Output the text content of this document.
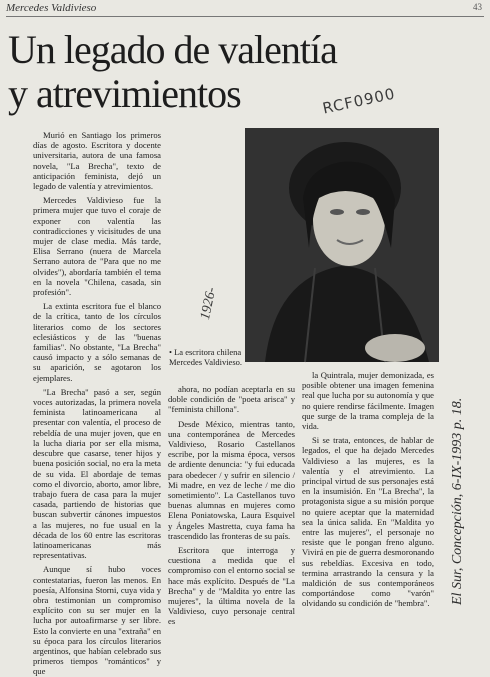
Mercedes Valdivieso	43
Un legado de valentía
y atrevimientos	RCF0900
1926-
• La escritora chilena Mercedes Valdivieso.
El Sur, Concepción, 6-IX-1993 p. 18.

Murió en Santiago los primeros días de agosto. Escritora y docente universitaria, autora de una famosa novela, "La Brecha", texto de anticipación feminista, dejó un legado de valentía y atrevimientos.

Mercedes Valdivieso fue la primera mujer que tuvo el coraje de exponer con valentía las contradicciones y vicisitudes de una mujer de clase media. Más tarde, Elisa Serrano (nuera de Marcela Serrano autora de "Para que no me olvides"), abordaría también el tema en la novela "Chilena, casada, sin profesión".

La extinta escritora fue el blanco de la crítica, tanto de los círculos literarios como de los sectores eclesiásticos y de las "buenas familias". No obstante, "La Brecha" causó impacto y a sólo semanas de su aparición, se agotaron los ejemplares.

"La Brecha" pasó a ser, según voces autorizadas, la primera novela feminista latinoamericana al presentar con valentía, el proceso de rebeldía de una mujer joven, que en la lucha diaria por ser ella misma, descubre que casarse, tener hijos y buena posición social, no era la meta de su vida. El abordaje de temas como el divorcio, aborto, amor libre, trabajo fuera de casa para la mujer casada, partiendo de historias que buscan subvertir cánones impuestos a las mujeres, no fue usual en la década de los 60 entre las escritoras latinoamericanas más representativas.

Aunque sí hubo voces contestatarias, fueron las menos. En poesía, Alfonsina Storni, cuya vida y obra testimonian un compromiso explícito con su ser mujer en la lucha por autoafirmarse y ser libre. Esto la convierte en una "extraña" en su época para los círculos literarios argentinos, que habían celebrado sus primeros tiempos "románticos" y que

ahora, no podían aceptarla en su doble condición de "poeta arisca" y "feminista chillona".

Desde México, mientras tanto, una contemporánea de Mercedes Valdivieso, Rosario Castellanos escribe, por la misma época, versos de ardiente denuncia: "y fui educada para obedecer / y sufrir en silencio / Mi madre, en vez de leche / me dio sometimiento". La Castellanos tuvo buenas alumnas en mujeres como Elena Poniatowska, Laura Esquivel y Ángeles Mastretta, cuya fama ha trascendido las fronteras de su país.

Escritora que interroga y cuestiona a medida que el compromiso con el entorno social se hace más explícito. Después de "La Brecha" y de "Maldita yo entre las mujeres", la última novela de la Valdivieso, cuyo personaje central es

la Quintrala, mujer demonizada, es posible obtener una imagen femenina real que lucha por su autonomía y que no quiere rendirse fácilmente. Imagen que surge de la trama compleja de la vida.

Si se trata, entonces, de hablar de legados, el que ha dejado Mercedes Valdivieso a las mujeres, es la valentía y el atrevimiento. La principal virtud de sus personajes está en la insumisión. En "La Brecha", la protagonista sigue a su misión porque no quiere aceptar que la maternidad sea la única salida. En "Maldita yo entre las mujeres", el personaje no resiste que le pongan freno alguno. Vivirá en pie de guerra desmoronando sus rebeldías. Excesiva en todo, termina arrastrando la censura y la maldición de sus contemporáneos comportándose como "varón" olvidando su condición de "hembra".
